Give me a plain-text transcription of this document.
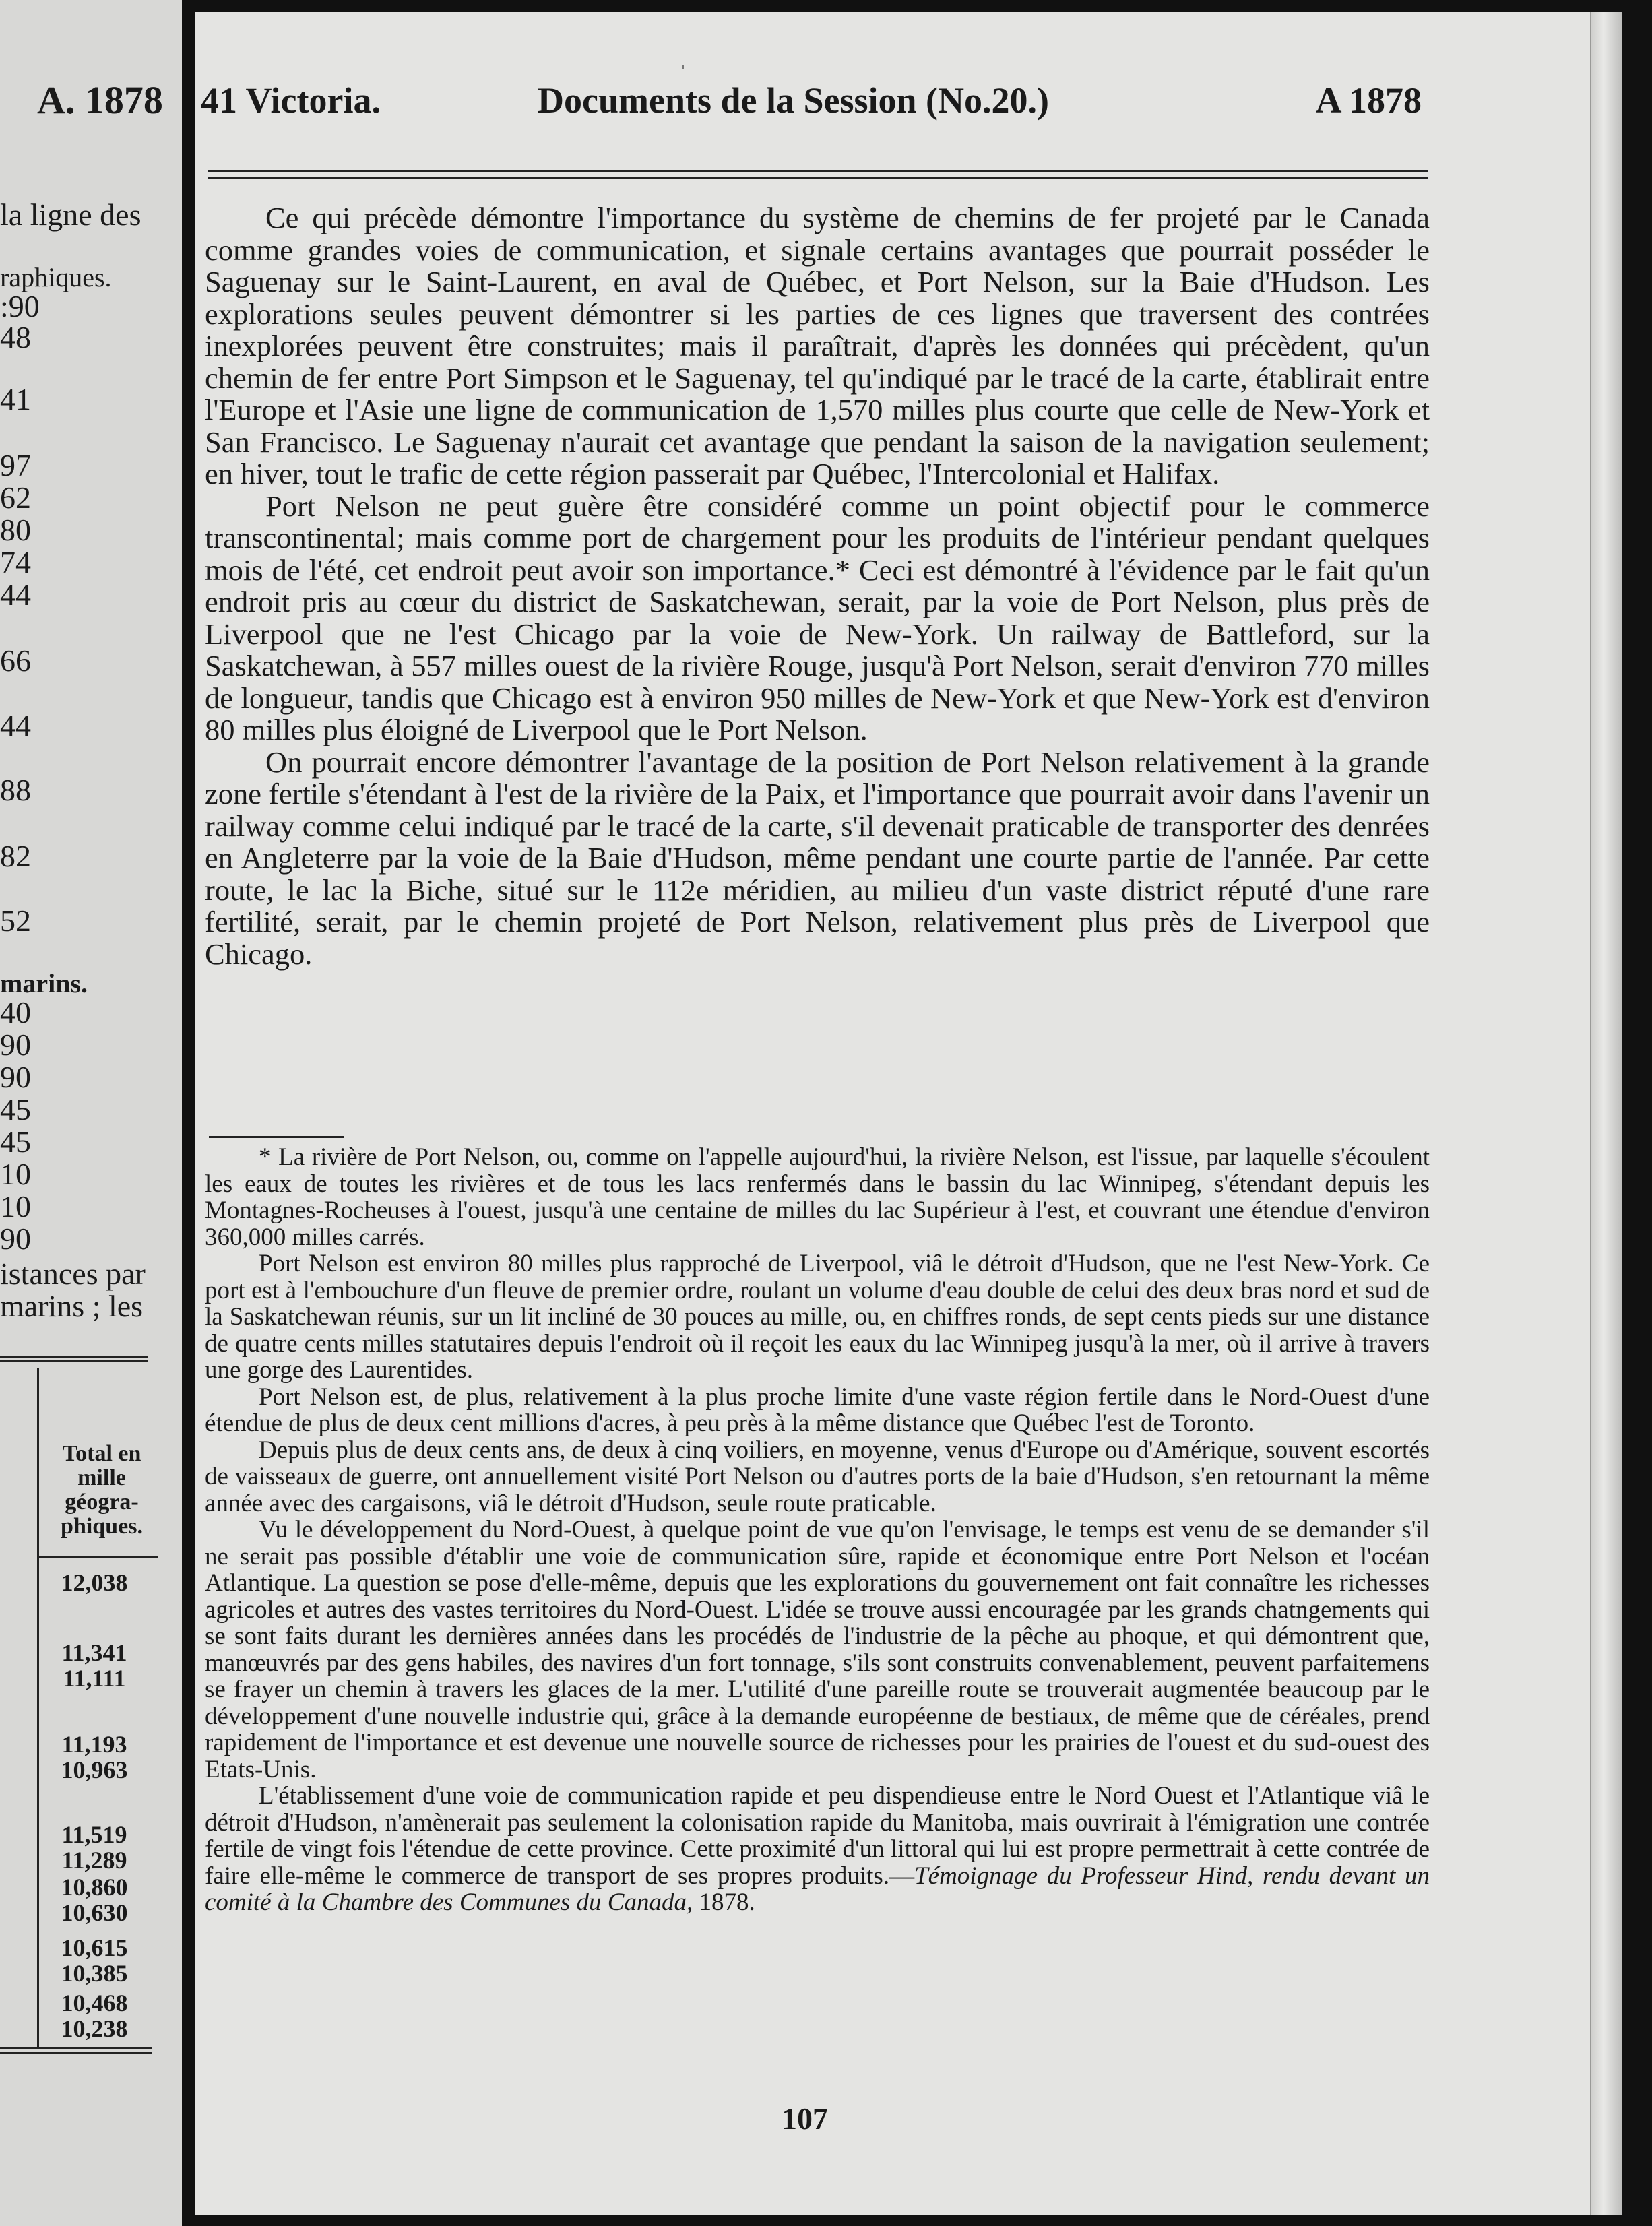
A. 1878
la ligne des
raphiques.
:90
48
41
97
62
80
74
44
66
44
88
82
52
marins.
40
90
90
45
45
10
10
90
istances par
marins ; les
Total en mille géogra-phiques.
12,038
11,341
11,111
11,193
10,963
11,519
11,289
10,860
10,630
10,615
10,385
10,468
10,238
41 Victoria.	Documents de la Session (No.20.)	A 1878

Ce qui précède démontre l'importance du système de chemins de fer projeté par le Canada comme grandes voies de communication, et signale certains avantages que pourrait posséder le Saguenay sur le Saint-Laurent, en aval de Québec, et Port Nelson, sur la Baie d'Hudson. Les explorations seules peuvent démontrer si les parties de ces lignes que traversent des contrées inexplorées peuvent être construites; mais il paraîtrait, d'après les données qui précèdent, qu'un chemin de fer entre Port Simpson et le Saguenay, tel qu'indiqué par le tracé de la carte, établirait entre l'Europe et l'Asie une ligne de communication de 1,570 milles plus courte que celle de New-York et San Francisco. Le Saguenay n'aurait cet avantage que pendant la saison de la navigation seulement; en hiver, tout le trafic de cette région passerait par Québec, l'Intercolonial et Halifax.

Port Nelson ne peut guère être considéré comme un point objectif pour le commerce transcontinental; mais comme port de chargement pour les produits de l'intérieur pendant quelques mois de l'été, cet endroit peut avoir son importance.* Ceci est démontré à l'évidence par le fait qu'un endroit pris au cœur du district de Saskatchewan, serait, par la voie de Port Nelson, plus près de Liverpool que ne l'est Chicago par la voie de New-York. Un railway de Battleford, sur la Saskatchewan, à 557 milles ouest de la rivière Rouge, jusqu'à Port Nelson, serait d'environ 770 milles de longueur, tandis que Chicago est à environ 950 milles de New-York et que New-York est d'environ 80 milles plus éloigné de Liverpool que le Port Nelson.

On pourrait encore démontrer l'avantage de la position de Port Nelson relativement à la grande zone fertile s'étendant à l'est de la rivière de la Paix, et l'importance que pourrait avoir dans l'avenir un railway comme celui indiqué par le tracé de la carte, s'il devenait praticable de transporter des denrées en Angleterre par la voie de la Baie d'Hudson, même pendant une courte partie de l'année. Par cette route, le lac la Biche, situé sur le 112e méridien, au milieu d'un vaste district réputé d'une rare fertilité, serait, par le chemin projeté de Port Nelson, relativement plus près de Liverpool que Chicago.

* La rivière de Port Nelson, ou, comme on l'appelle aujourd'hui, la rivière Nelson, est l'issue, par laquelle s'écoulent les eaux de toutes les rivières et de tous les lacs renfermés dans le bassin du lac Winnipeg, s'étendant depuis les Montagnes-Rocheuses à l'ouest, jusqu'à une centaine de milles du lac Supérieur à l'est, et couvrant une étendue d'environ 360,000 milles carrés.

Port Nelson est environ 80 milles plus rapproché de Liverpool, viâ le détroit d'Hudson, que ne l'est New-York. Ce port est à l'embouchure d'un fleuve de premier ordre, roulant un volume d'eau double de celui des deux bras nord et sud de la Saskatchewan réunis, sur un lit incliné de 30 pouces au mille, ou, en chiffres ronds, de sept cents pieds sur une distance de quatre cents milles statutaires depuis l'endroit où il reçoit les eaux du lac Winnipeg jusqu'à la mer, où il arrive à travers une gorge des Laurentides.

Port Nelson est, de plus, relativement à la plus proche limite d'une vaste région fertile dans le Nord-Ouest d'une étendue de plus de deux cent millions d'acres, à peu près à la même distance que Québec l'est de Toronto.

Depuis plus de deux cents ans, de deux à cinq voiliers, en moyenne, venus d'Europe ou d'Amérique, souvent escortés de vaisseaux de guerre, ont annuellement visité Port Nelson ou d'autres ports de la baie d'Hudson, s'en retournant la même année avec des cargaisons, viâ le détroit d'Hudson, seule route praticable.

Vu le développement du Nord-Ouest, à quelque point de vue qu'on l'envisage, le temps est venu de se demander s'il ne serait pas possible d'établir une voie de communication sûre, rapide et économique entre Port Nelson et l'océan Atlantique. La question se pose d'elle-même, depuis que les explorations du gouvernement ont fait connaître les richesses agricoles et autres des vastes territoires du Nord-Ouest. L'idée se trouve aussi encouragée par les grands chatngements qui se sont faits durant les dernières années dans les procédés de l'industrie de la pêche au phoque, et qui démontrent que, manœuvrés par des gens habiles, des navires d'un fort tonnage, s'ils sont construits convenablement, peuvent parfaitemens se frayer un chemin à travers les glaces de la mer. L'utilité d'une pareille route se trouverait augmentée beaucoup par le développement d'une nouvelle industrie qui, grâce à la demande européenne de bestiaux, de même que de céréales, prend rapidement de l'importance et est devenue une nouvelle source de richesses pour les prairies de l'ouest et du sud-ouest des Etats-Unis.

L'établissement d'une voie de communication rapide et peu dispendieuse entre le Nord Ouest et l'Atlantique viâ le détroit d'Hudson, n'amènerait pas seulement la colonisation rapide du Manitoba, mais ouvrirait à l'émigration une contrée fertile de vingt fois l'étendue de cette province. Cette proximité d'un littoral qui lui est propre permettrait à cette contrée de faire elle-même le commerce de transport de ses propres produits.—Témoignage du Professeur Hind, rendu devant un comité à la Chambre des Communes du Canada, 1878.

107
